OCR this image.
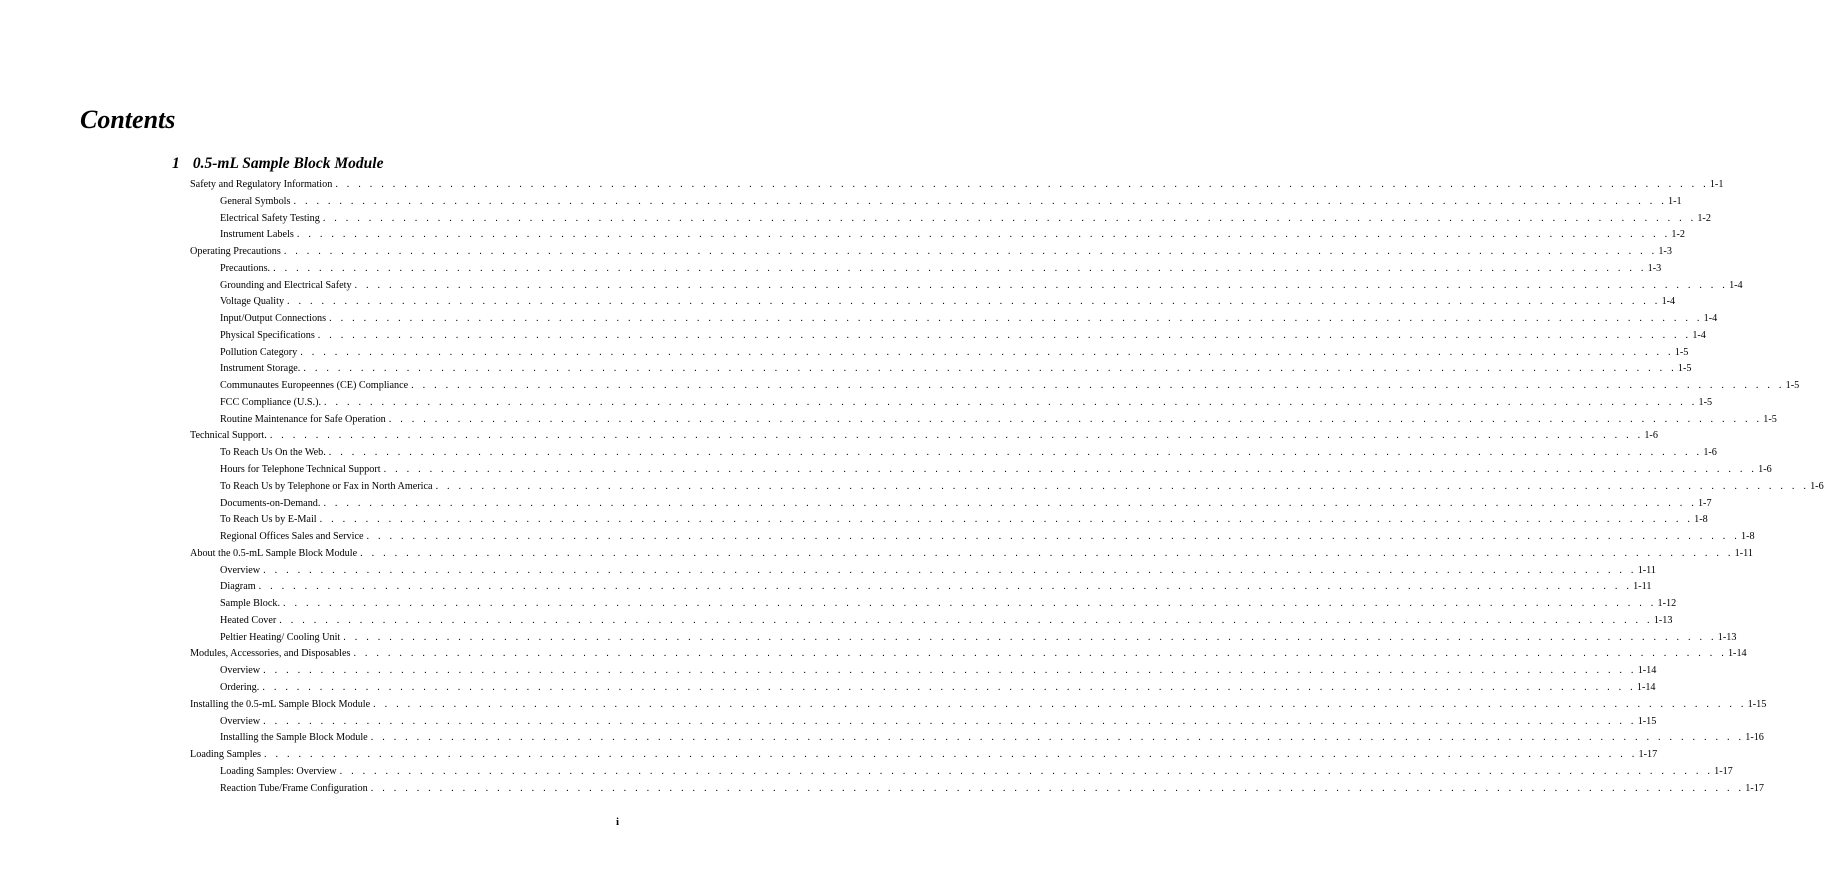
Contents
1 0.5-mL Sample Block Module
Safety and Regulatory Information . . . . . . . . . . . . . . . . . . . . . . . . . . . . . . . . . . . . . . . . . . . . . . . . . . . . . . . . . . . . . . . . . . . . . . . . . . . . . . . . . . . . . . . . . . . . . . . . . . . . . . . . . . . . . . . . . . . . . . . . 1-1
General Symbols . . . . . . . . . . . . . . . . . . . . . . . . . . . . . . . . . . . . . . . . . . . . . . . . . . . . . . . . . . . . . . . . . . . . . . . . . . . . . . . . . . . . . . . . . . . . . . . . . . . . . . . . . . . . . . . . . . . . . . . . 1-1
Electrical Safety Testing . . . . . . . . . . . . . . . . . . . . . . . . . . . . . . . . . . . . . . . . . . . . . . . . . . . . . . . . . . . . . . . . . . . . . . . . . . . . . . . . . . . . . . . . . . . . . . . . . . . . . . . . . . . . . . . . . . . . . . . . 1-2
Instrument Labels . . . . . . . . . . . . . . . . . . . . . . . . . . . . . . . . . . . . . . . . . . . . . . . . . . . . . . . . . . . . . . . . . . . . . . . . . . . . . . . . . . . . . . . . . . . . . . . . . . . . . . . . . . . . . . . . . . . . . . . . 1-2
Operating Precautions . . . . . . . . . . . . . . . . . . . . . . . . . . . . . . . . . . . . . . . . . . . . . . . . . . . . . . . . . . . . . . . . . . . . . . . . . . . . . . . . . . . . . . . . . . . . . . . . . . . . . . . . . . . . . . . . . . . . . . . . 1-3
Precautions. . . . . . . . . . . . . . . . . . . . . . . . . . . . . . . . . . . . . . . . . . . . . . . . . . . . . . . . . . . . . . . . . . . . . . . . . . . . . . . . . . . . . . . . . . . . . . . . . . . . . . . . . . . . . . . . . . . . . . . . . 1-3
Grounding and Electrical Safety . . . . . . . . . . . . . . . . . . . . . . . . . . . . . . . . . . . . . . . . . . . . . . . . . . . . . . . . . . . . . . . . . . . . . . . . . . . . . . . . . . . . . . . . . . . . . . . . . . . . . . . . . . . . . . . . . . . . . . . . 1-4
Voltage Quality . . . . . . . . . . . . . . . . . . . . . . . . . . . . . . . . . . . . . . . . . . . . . . . . . . . . . . . . . . . . . . . . . . . . . . . . . . . . . . . . . . . . . . . . . . . . . . . . . . . . . . . . . . . . . . . . . . . . . . . . 1-4
Input/Output Connections . . . . . . . . . . . . . . . . . . . . . . . . . . . . . . . . . . . . . . . . . . . . . . . . . . . . . . . . . . . . . . . . . . . . . . . . . . . . . . . . . . . . . . . . . . . . . . . . . . . . . . . . . . . . . . . . . . . . . . . . 1-4
Physical Specifications . . . . . . . . . . . . . . . . . . . . . . . . . . . . . . . . . . . . . . . . . . . . . . . . . . . . . . . . . . . . . . . . . . . . . . . . . . . . . . . . . . . . . . . . . . . . . . . . . . . . . . . . . . . . . . . . . . . . . . . . 1-4
Pollution Category . . . . . . . . . . . . . . . . . . . . . . . . . . . . . . . . . . . . . . . . . . . . . . . . . . . . . . . . . . . . . . . . . . . . . . . . . . . . . . . . . . . . . . . . . . . . . . . . . . . . . . . . . . . . . . . . . . . . . . . . 1-5
Instrument Storage. . . . . . . . . . . . . . . . . . . . . . . . . . . . . . . . . . . . . . . . . . . . . . . . . . . . . . . . . . . . . . . . . . . . . . . . . . . . . . . . . . . . . . . . . . . . . . . . . . . . . . . . . . . . . . . . . . . . . . . . . 1-5
Communautes Europeennes (CE) Compliance . . . . . . . . . . . . . . . . . . . . . . . . . . . . . . . . . . . . . . . . . . . . . . . . . . . . . . . . . . . . . . . . . . . . . . . . . . . . . . . . . . . . . . . . . . . . . . . . . . . . . . . . . . . . . . . . . . . . . . . . 1-5
FCC Compliance (U.S.). . . . . . . . . . . . . . . . . . . . . . . . . . . . . . . . . . . . . . . . . . . . . . . . . . . . . . . . . . . . . . . . . . . . . . . . . . . . . . . . . . . . . . . . . . . . . . . . . . . . . . . . . . . . . . . . . . . . . . . . . 1-5
Routine Maintenance for Safe Operation . . . . . . . . . . . . . . . . . . . . . . . . . . . . . . . . . . . . . . . . . . . . . . . . . . . . . . . . . . . . . . . . . . . . . . . . . . . . . . . . . . . . . . . . . . . . . . . . . . . . . . . . . . . . . . . . . . . . . . . . 1-5
Technical Support. . . . . . . . . . . . . . . . . . . . . . . . . . . . . . . . . . . . . . . . . . . . . . . . . . . . . . . . . . . . . . . . . . . . . . . . . . . . . . . . . . . . . . . . . . . . . . . . . . . . . . . . . . . . . . . . . . . . . . . . . 1-6
To Reach Us On the Web. . . . . . . . . . . . . . . . . . . . . . . . . . . . . . . . . . . . . . . . . . . . . . . . . . . . . . . . . . . . . . . . . . . . . . . . . . . . . . . . . . . . . . . . . . . . . . . . . . . . . . . . . . . . . . . . . . . . . . . . . 1-6
Hours for Telephone Technical Support . . . . . . . . . . . . . . . . . . . . . . . . . . . . . . . . . . . . . . . . . . . . . . . . . . . . . . . . . . . . . . . . . . . . . . . . . . . . . . . . . . . . . . . . . . . . . . . . . . . . . . . . . . . . . . . . . . . . . . . . 1-6
To Reach Us by Telephone or Fax in North America . . . . . . . . . . . . . . . . . . . . . . . . . . . . . . . . . . . . . . . . . . . . . . . . . . . . . . . . . . . . . . . . . . . . . . . . . . . . . . . . . . . . . . . . . . . . . . . . . . . . . . . . . . . . . . . . . . . . . . . . 1-6
Documents-on-Demand. . . . . . . . . . . . . . . . . . . . . . . . . . . . . . . . . . . . . . . . . . . . . . . . . . . . . . . . . . . . . . . . . . . . . . . . . . . . . . . . . . . . . . . . . . . . . . . . . . . . . . . . . . . . . . . . . . . . . . . . . 1-7
To Reach Us by E-Mail . . . . . . . . . . . . . . . . . . . . . . . . . . . . . . . . . . . . . . . . . . . . . . . . . . . . . . . . . . . . . . . . . . . . . . . . . . . . . . . . . . . . . . . . . . . . . . . . . . . . . . . . . . . . . . . . . . . . . . . . 1-8
Regional Offices Sales and Service . . . . . . . . . . . . . . . . . . . . . . . . . . . . . . . . . . . . . . . . . . . . . . . . . . . . . . . . . . . . . . . . . . . . . . . . . . . . . . . . . . . . . . . . . . . . . . . . . . . . . . . . . . . . . . . . . . . . . . . . 1-8
About the 0.5-mL Sample Block Module . . . . . . . . . . . . . . . . . . . . . . . . . . . . . . . . . . . . . . . . . . . . . . . . . . . . . . . . . . . . . . . . . . . . . . . . . . . . . . . . . . . . . . . . . . . . . . . . . . . . . . . . . . . . . . . . . . . . . . . . 1-11
Overview . . . . . . . . . . . . . . . . . . . . . . . . . . . . . . . . . . . . . . . . . . . . . . . . . . . . . . . . . . . . . . . . . . . . . . . . . . . . . . . . . . . . . . . . . . . . . . . . . . . . . . . . . . . . . . . . . . . . . . . . 1-11
Diagram . . . . . . . . . . . . . . . . . . . . . . . . . . . . . . . . . . . . . . . . . . . . . . . . . . . . . . . . . . . . . . . . . . . . . . . . . . . . . . . . . . . . . . . . . . . . . . . . . . . . . . . . . . . . . . . . . . . . . . . . 1-11
Sample Block. . . . . . . . . . . . . . . . . . . . . . . . . . . . . . . . . . . . . . . . . . . . . . . . . . . . . . . . . . . . . . . . . . . . . . . . . . . . . . . . . . . . . . . . . . . . . . . . . . . . . . . . . . . . . . . . . . . . . . . . . 1-12
Heated Cover . . . . . . . . . . . . . . . . . . . . . . . . . . . . . . . . . . . . . . . . . . . . . . . . . . . . . . . . . . . . . . . . . . . . . . . . . . . . . . . . . . . . . . . . . . . . . . . . . . . . . . . . . . . . . . . . . . . . . . . . 1-13
Peltier Heating/ Cooling Unit . . . . . . . . . . . . . . . . . . . . . . . . . . . . . . . . . . . . . . . . . . . . . . . . . . . . . . . . . . . . . . . . . . . . . . . . . . . . . . . . . . . . . . . . . . . . . . . . . . . . . . . . . . . . . . . . . . . . . . . . 1-13
Modules, Accessories, and Disposables . . . . . . . . . . . . . . . . . . . . . . . . . . . . . . . . . . . . . . . . . . . . . . . . . . . . . . . . . . . . . . . . . . . . . . . . . . . . . . . . . . . . . . . . . . . . . . . . . . . . . . . . . . . . . . . . . . . . . . . . 1-14
Overview . . . . . . . . . . . . . . . . . . . . . . . . . . . . . . . . . . . . . . . . . . . . . . . . . . . . . . . . . . . . . . . . . . . . . . . . . . . . . . . . . . . . . . . . . . . . . . . . . . . . . . . . . . . . . . . . . . . . . . . . 1-14
Ordering. . . . . . . . . . . . . . . . . . . . . . . . . . . . . . . . . . . . . . . . . . . . . . . . . . . . . . . . . . . . . . . . . . . . . . . . . . . . . . . . . . . . . . . . . . . . . . . . . . . . . . . . . . . . . . . . . . . . . . . . . 1-14
Installing the 0.5-mL Sample Block Module . . . . . . . . . . . . . . . . . . . . . . . . . . . . . . . . . . . . . . . . . . . . . . . . . . . . . . . . . . . . . . . . . . . . . . . . . . . . . . . . . . . . . . . . . . . . . . . . . . . . . . . . . . . . . . . . . . . . . . . . 1-15
Overview . . . . . . . . . . . . . . . . . . . . . . . . . . . . . . . . . . . . . . . . . . . . . . . . . . . . . . . . . . . . . . . . . . . . . . . . . . . . . . . . . . . . . . . . . . . . . . . . . . . . . . . . . . . . . . . . . . . . . . . . 1-15
Installing the Sample Block Module . . . . . . . . . . . . . . . . . . . . . . . . . . . . . . . . . . . . . . . . . . . . . . . . . . . . . . . . . . . . . . . . . . . . . . . . . . . . . . . . . . . . . . . . . . . . . . . . . . . . . . . . . . . . . . . . . . . . . . . . 1-16
Loading Samples . . . . . . . . . . . . . . . . . . . . . . . . . . . . . . . . . . . . . . . . . . . . . . . . . . . . . . . . . . . . . . . . . . . . . . . . . . . . . . . . . . . . . . . . . . . . . . . . . . . . . . . . . . . . . . . . . . . . . . . . 1-17
Loading Samples: Overview . . . . . . . . . . . . . . . . . . . . . . . . . . . . . . . . . . . . . . . . . . . . . . . . . . . . . . . . . . . . . . . . . . . . . . . . . . . . . . . . . . . . . . . . . . . . . . . . . . . . . . . . . . . . . . . . . . . . . . . . 1-17
Reaction Tube/Frame Configuration . . . . . . . . . . . . . . . . . . . . . . . . . . . . . . . . . . . . . . . . . . . . . . . . . . . . . . . . . . . . . . . . . . . . . . . . . . . . . . . . . . . . . . . . . . . . . . . . . . . . . . . . . . . . . . . . . . . . . . . . 1-17
i
